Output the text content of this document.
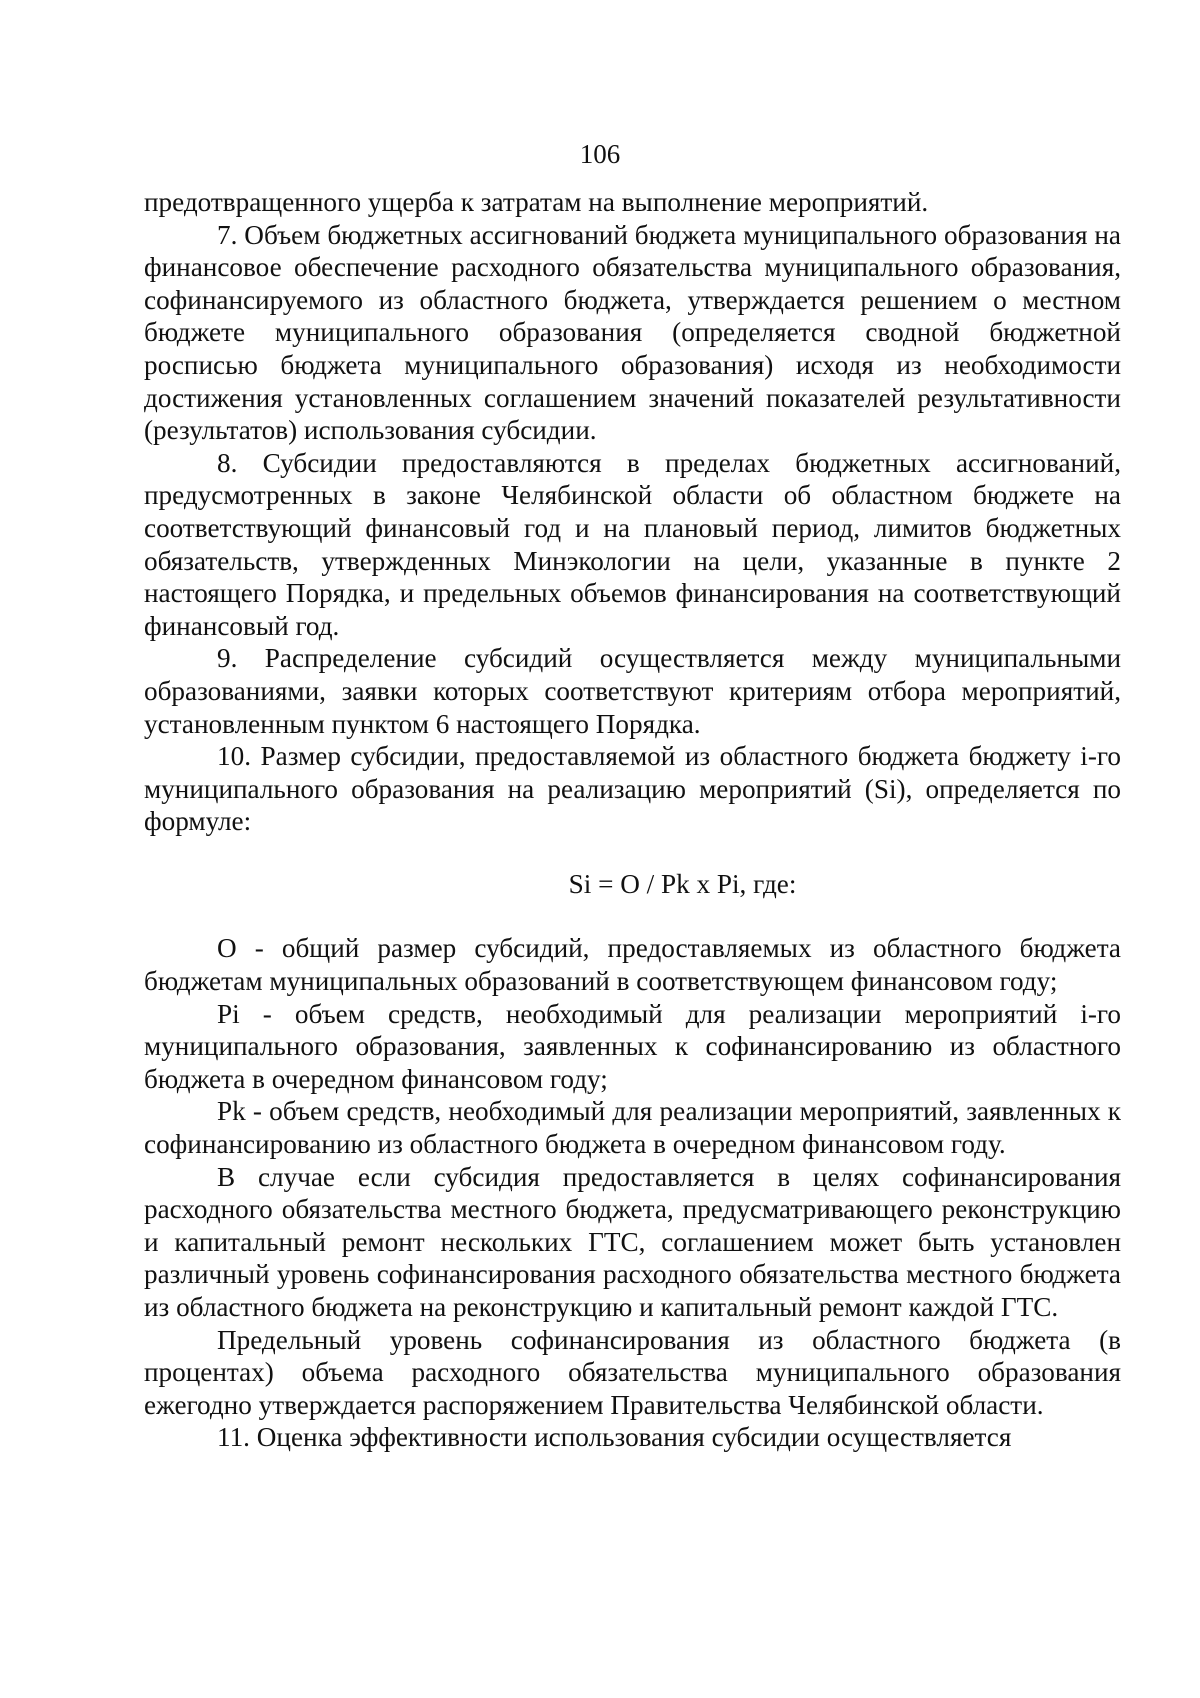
106

предотвращенного ущерба к затратам на выполнение мероприятий.

7. Объем бюджетных ассигнований бюджета муниципального образования на финансовое обеспечение расходного обязательства муниципального образования, софинансируемого из областного бюджета, утверждается решением о местном бюджете муниципального образования (определяется сводной бюджетной росписью бюджета муниципального образования) исходя из необходимости достижения установленных соглашением значений показателей результативности (результатов) использования субсидии.

8. Субсидии предоставляются в пределах бюджетных ассигнований, предусмотренных в законе Челябинской области об областном бюджете на соответствующий финансовый год и на плановый период, лимитов бюджетных обязательств, утвержденных Минэкологии на цели, указанные в пункте 2 настоящего Порядка, и предельных объемов финансирования на соответствующий финансовый год.

9. Распределение субсидий осуществляется между муниципальными образованиями, заявки которых соответствуют критериям отбора мероприятий, установленным пунктом 6 настоящего Порядка.

10. Размер субсидии, предоставляемой из областного бюджета бюджету i-го муниципального образования на реализацию мероприятий (Si), определяется по формуле:

Si = O / Pk x Pi, где:

O - общий размер субсидий, предоставляемых из областного бюджета бюджетам муниципальных образований в соответствующем финансовом году;

Pi - объем средств, необходимый для реализации мероприятий i-го муниципального образования, заявленных к софинансированию из областного бюджета в очередном финансовом году;

Pk - объем средств, необходимый для реализации мероприятий, заявленных к софинансированию из областного бюджета в очередном финансовом году.

В случае если субсидия предоставляется в целях софинансирования расходного обязательства местного бюджета, предусматривающего реконструкцию и капитальный ремонт нескольких ГТС, соглашением может быть установлен различный уровень софинансирования расходного обязательства местного бюджета из областного бюджета на реконструкцию и капитальный ремонт каждой ГТС.

Предельный уровень софинансирования из областного бюджета (в процентах) объема расходного обязательства муниципального образования ежегодно утверждается распоряжением Правительства Челябинской области.

11. Оценка эффективности использования субсидии осуществляется
